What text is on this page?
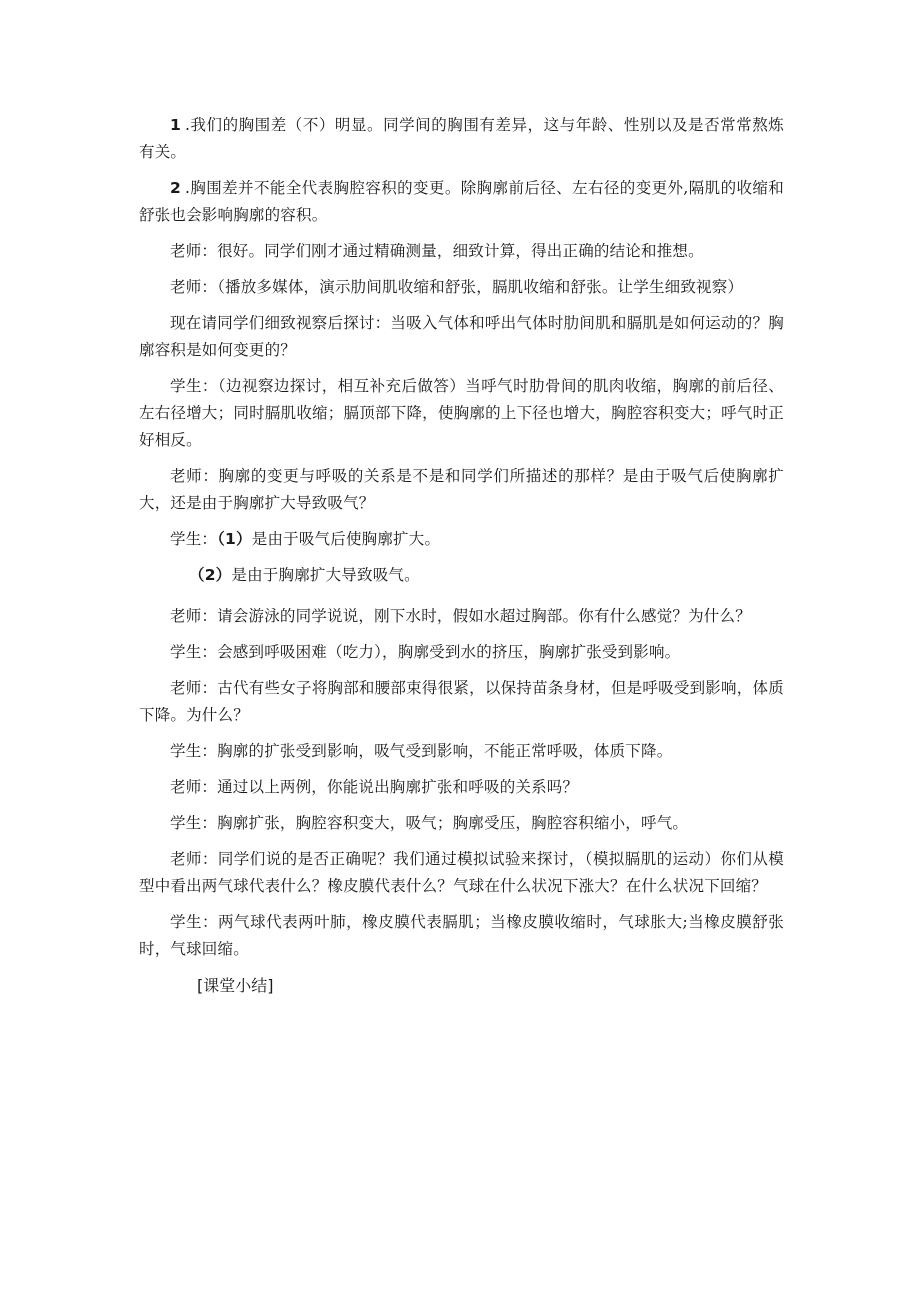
1 .我们的胸围差（不）明显。同学间的胸围有差异，这与年龄、性别以及是否常常熬炼有关。

2 .胸围差并不能全代表胸腔容积的变更。除胸廓前后径、左右径的变更外,隔肌的收缩和舒张也会影响胸廓的容积。

老师：很好。同学们刚才通过精确测量，细致计算，得出正确的结论和推想。

老师：（播放多媒体，演示肋间肌收缩和舒张，膈肌收缩和舒张。让学生细致视察）

现在请同学们细致视察后探讨：当吸入气体和呼出气体时肋间肌和膈肌是如何运动的？胸廓容积是如何变更的？

学生：（边视察边探讨，相互补充后做答）当呼气时肋骨间的肌肉收缩，胸廓的前后径、左右径增大；同时膈肌收缩；膈顶部下降，使胸廓的上下径也增大，胸腔容积变大；呼气时正好相反。

老师：胸廓的变更与呼吸的关系是不是和同学们所描述的那样？是由于吸气后使胸廓扩大，还是由于胸廓扩大导致吸气？

学生：（1）是由于吸气后使胸廓扩大。

（2）是由于胸廓扩大导致吸气。

老师：请会游泳的同学说说，刚下水时，假如水超过胸部。你有什么感觉？为什么？

学生：会感到呼吸困难（吃力），胸廓受到水的挤压，胸廓扩张受到影响。

老师：古代有些女子将胸部和腰部束得很紧，以保持苗条身材，但是呼吸受到影响，体质下降。为什么？

学生：胸廓的扩张受到影响，吸气受到影响，不能正常呼吸，体质下降。

老师：通过以上两例，你能说出胸廓扩张和呼吸的关系吗？

学生：胸廓扩张，胸腔容积变大，吸气；胸廓受压，胸腔容积缩小，呼气。

老师：同学们说的是否正确呢？我们通过模拟试验来探讨，（模拟膈肌的运动）你们从模型中看出两气球代表什么？橡皮膜代表什么？气球在什么状况下涨大？在什么状况下回缩？

学生：两气球代表两叶肺，橡皮膜代表膈肌；当橡皮膜收缩时，气球胀大;当橡皮膜舒张时，气球回缩。

[课堂小结]
